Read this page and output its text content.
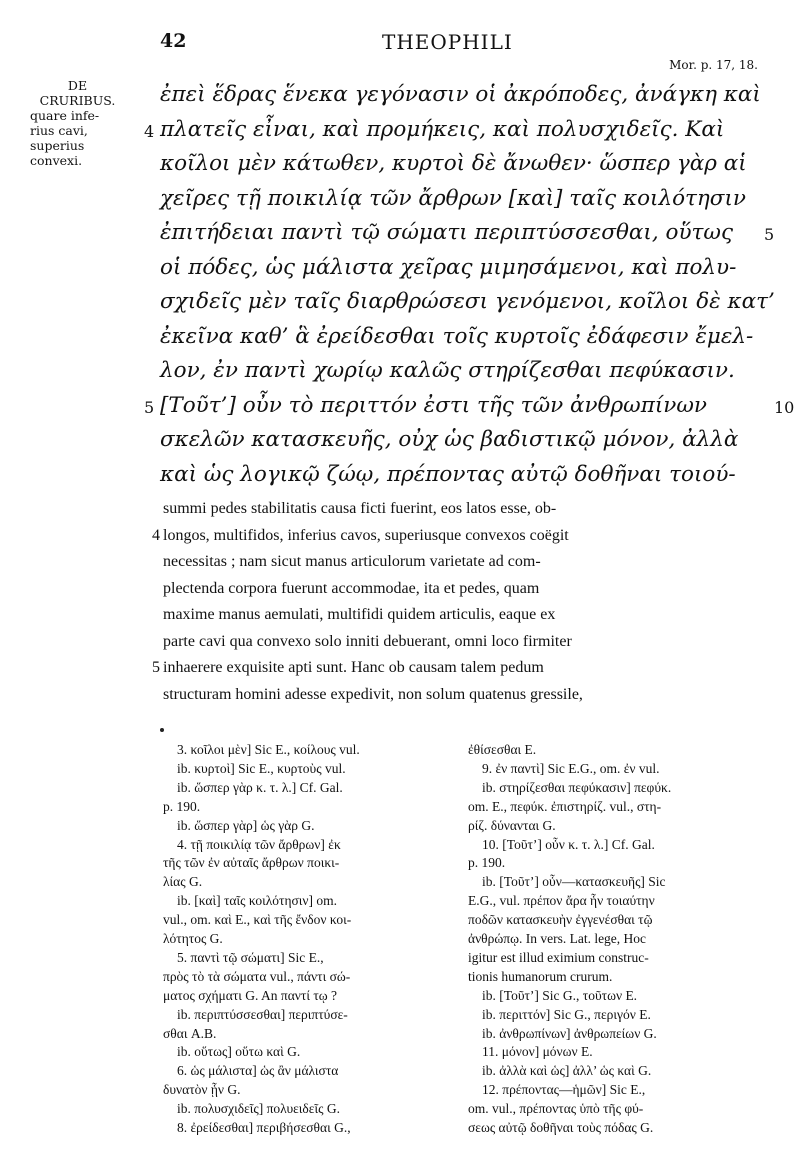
42	THEOPHILI
Mor. p. 17, 18.
DE
CRURIBUS.
quare infe-
rius cavi,
superius
convexi.
ἐπεὶ ἕδρας ἕνεκα γεγόνασιν οἱ ἀκρόποδες, ἀνάγκη καὶ
πλατεῖς εἶναι, καὶ προμήκεις, καὶ πολυσχιδεῖς. Καὶ
4
κοῖλοι μὲν κάτωθεν, κυρτοὶ δὲ ἄνωθεν· ὥσπερ γὰρ αἱ
χεῖρες τῇ ποικιλίᾳ τῶν ἄρθρων [καὶ] ταῖς κοιλότησιν
ἐπιτήδειαι παντὶ τῷ σώματι περιπτύσσεσθαι, οὕτως 5
οἱ πόδες, ὡς μάλιστα χεῖρας μιμησάμενοι, καὶ πολυ-
σχιδεῖς μὲν ταῖς διαρθρώσεσι γενόμενοι, κοῖλοι δὲ κατ’
ἐκεῖνα καθ’ ἃ ἐρείδεσθαι τοῖς κυρτοῖς ἐδάφεσιν ἔμελ-
λον, ἐν παντὶ χωρίῳ καλῶς στηρίζεσθαι πεφύκασιν.
[Τοῦτ’] οὖν τὸ περιττόν ἐστι τῆς τῶν ἀνθρωπίνων
5	10
σκελῶν κατασκευῆς, οὐχ ὡς βαδιστικῷ μόνον, ἀλλὰ
καὶ ὡς λογικῷ ζώῳ, πρέποντας αὐτῷ δοθῆναι τοιού-
summi pedes stabilitatis causa ficti fuerint, eos latos esse, ob-
longos, multifidos, inferius cavos, superiusque convexos coëgit
4
necessitas ; nam sicut manus articulorum varietate ad com-
plectenda corpora fuerunt accommodae, ita et pedes, quam
maxime manus aemulati, multifidi quidem articulis, eaque ex
parte cavi qua convexo solo inniti debuerant, omni loco firmiter
inhaerere exquisite apti sunt. Hanc ob causam talem pedum
5
structuram homini adesse expedivit, non solum quatenus gressile,
3. κοῖλοι μὲν] Sic E., κοίλους vul.
ib. κυρτοὶ] Sic E., κυρτοὺς vul.
ib. ὥσπερ γὰρ κ. τ. λ.] Cf. Gal.
p. 190.
ib. ὥσπερ γὰρ] ὡς γὰρ G.
4. τῇ ποικιλίᾳ τῶν ἄρθρων] ἐκ
τῆς τῶν ἐν αὐταῖς ἄρθρων ποικι-
λίας G.
ib. [καὶ] ταῖς κοιλότησιν] om.
vul., om. καὶ E., καὶ τῆς ἔνδον κοι-
λότητος G.
5. παντὶ τῷ σώματι] Sic E.,
πρὸς τὸ τὰ σώματα vul., πάντι σώ-
ματος σχήματι G. An παντί τῳ ?
ib. περιπτύσσεσθαι] περιπτύσε-
σθαι A.B.
ib. οὕτως] οὕτω καὶ G.
6. ὡς μάλιστα] ὡς ἂν μάλιστα
δυνατὸν ᾖν G.
ib. πολυσχιδεῖς] πολυειδεῖς G.
8. ἐρείδεσθαι] περιβήσεσθαι G.,
ἐθίσεσθαι E.
9. ἐν παντὶ] Sic E.G., om. ἐν vul.
ib. στηρίζεσθαι πεφύκασιν] πεφύκ.
om. E., πεφύκ. ἐπιστηρίζ. vul., στη-
ρίζ. δύνανται G.
10. [Τοῦτ’] οὖν κ. τ. λ.] Cf. Gal.
p. 190.
ib. [Τοῦτ’] οὖν—κατασκευῆς] Sic
E.G., vul. πρέπον ἄρα ἦν τοιαύτην
ποδῶν κατασκευὴν ἐγγενέσθαι τῷ
ἀνθρώπῳ. In vers. Lat. lege, Hoc
igitur est illud eximium construc-
tionis humanorum crurum.
ib. [Τοῦτ’] Sic G., τοῦτων E.
ib. περιττόν] Sic G., περιγόν E.
ib. ἀνθρωπίνων] ἀνθρωπείων G.
11. μόνον] μόνων E.
ib. ἀλλὰ καὶ ὡς] ἀλλ’ ὡς καὶ G.
12. πρέποντας—ἡμῶν] Sic E.,
om. vul., πρέποντας ὑπὸ τῆς φύ-
σεως αὐτῷ δοθῆναι τοὺς πόδας G.
